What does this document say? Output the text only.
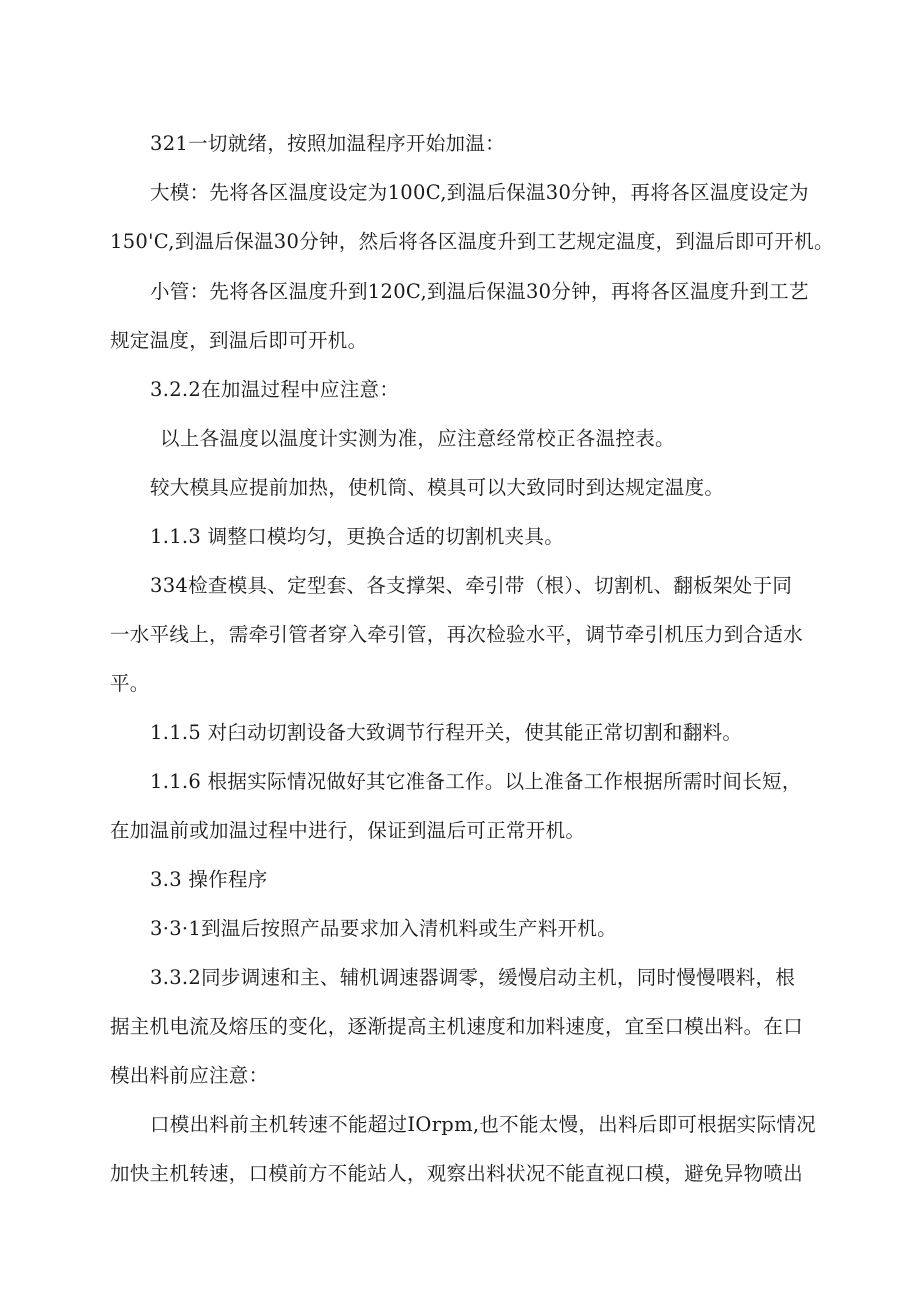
321一切就绪，按照加温程序开始加温：
大模：先将各区温度设定为100C,到温后保温30分钟，再将各区温度设定为
150'C,到温后保温30分钟，然后将各区温度升到工艺规定温度，到温后即可开机。
小管：先将各区温度升到120C,到温后保温30分钟，再将各区温度升到工艺
规定温度，到温后即可开机。
3.2.2在加温过程中应注意：
以上各温度以温度计实测为准，应注意经常校正各温控表。
较大模具应提前加热，使机筒、模具可以大致同时到达规定温度。
1.1.3 调整口模均匀，更换合适的切割机夹具。
334检查模具、定型套、各支撑架、牵引带（根）、切割机、翻板架处于同
一水平线上，需牵引管者穿入牵引管，再次检验水平，调节牵引机压力到合适水
平。
1.1.5 对臼动切割设备大致调节行程开关，使其能正常切割和翻料。
1.1.6 根据实际情况做好其它准备工作。以上准备工作根据所需时间长短，
在加温前或加温过程中进行，保证到温后可正常开机。
3.3 操作程序
3·3·1到温后按照产品要求加入清机料或生产料开机。
3.3.2同步调速和主、辅机调速器调零，缓慢启动主机，同时慢慢喂料，根
据主机电流及熔压的变化，逐渐提高主机速度和加料速度，宜至口模出料。在口
模出料前应注意：
口模出料前主机转速不能超过IOrpm,也不能太慢，出料后即可根据实际情况
加快主机转速，口模前方不能站人，观察出料状况不能直视口模，避免异物喷出
